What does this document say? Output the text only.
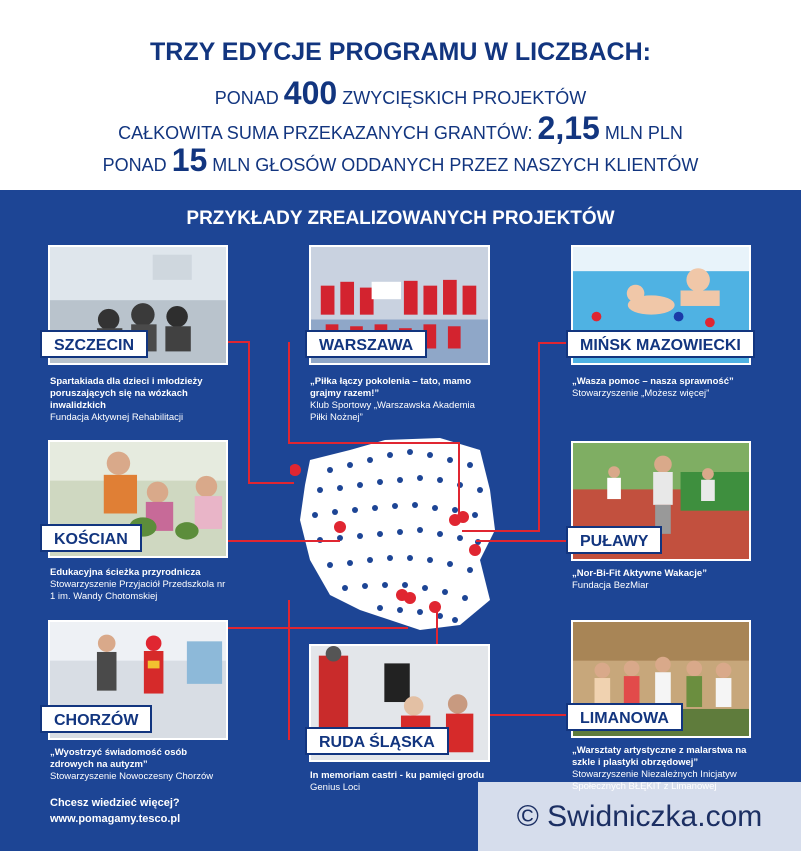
TRZY EDYCJE PROGRAMU W LICZBACH:
PONAD 400 ZWYCIĘSKICH PROJEKTÓW
CAŁKOWITA SUMA PRZEKAZANYCH GRANTÓW: 2,15 MLN PLN
PONAD 15 MLN GŁOSÓW ODDANYCH PRZEZ NASZYCH KLIENTÓW
PRZYKŁADY ZREALIZOWANYCH PROJEKTÓW
SZCZECIN	WARSZAWA	MIŃSK MAZOWIECKI
KOŚCIAN	PUŁAWY
CHORZÓW
RUDA ŚLĄSKA
LIMANOWA
Spartakiada dla dzieci i młodzieży poruszających się na wózkach inwalidzkich
Fundacja Aktywnej Rehabilitacji
„Piłka łączy pokolenia – tato, mamo grajmy razem!”
Klub Sportowy „Warszawska Akademia Piłki Nożnej”
„Wasza pomoc – nasza sprawność”
Stowarzyszenie „Możesz więcej”
Edukacyjna ścieżka przyrodnicza
Stowarzyszenie Przyjaciół Przedszkola nr 1 im. Wandy Chotomskiej
„Nor-Bi-Fit Aktywne Wakacje”
Fundacja BezMiar
„Wyostrzyć świadomość osób zdrowych na autyzm”
Stowarzyszenie Nowoczesny Chorzów	In memoriam castri - ku pamięci grodu
Genius Loci
„Warsztaty artystyczne z malarstwa na szkle i plastyki obrzędowej”
Stowarzyszenie Niezależnych Inicjatyw
Chcesz wiedzieć więcej?
www.pomagamy.tesco.pl	© Swidniczka.com
